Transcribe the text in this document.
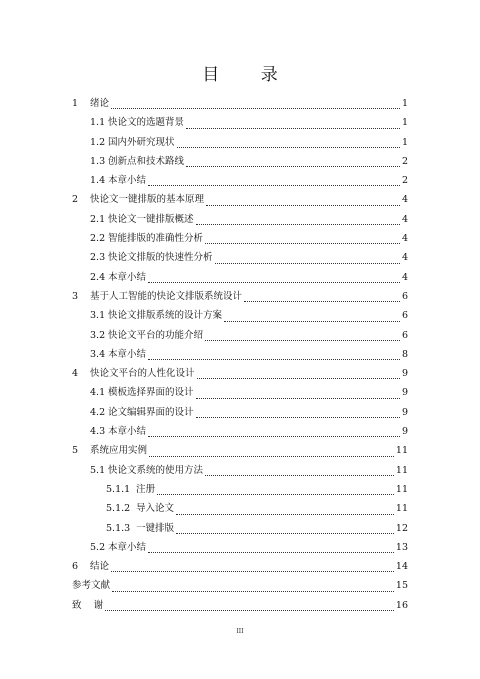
目 录
1	绪论	1
1.1 快论文的选题背景	1
1.2 国内外研究现状	1
1.3 创新点和技术路线	2
1.4 本章小结	2
2	快论文一键排版的基本原理	4
2.1 快论文一键排版概述	4
2.2 智能排版的准确性分析	4
2.3 快论文排版的快速性分析	4
2.4 本章小结	4
3	基于人工智能的快论文排版系统设计	6
3.1 快论文排版系统的设计方案	6
3.2 快论文平台的功能介绍	6
3.4 本章小结	8
4	快论文平台的人性化设计	9
4.1 模板选择界面的设计	9
4.2 论文编辑界面的设计	9
4.3 本章小结	9
5	系统应用实例	11
5.1 快论文系统的使用方法	11
5.1.1 注册	11
5.1.2 导入论文	11
5.1.3 一键排版	12
5.2 本章小结	13
6	结论	14
参考文献	15
致    谢	16
III
